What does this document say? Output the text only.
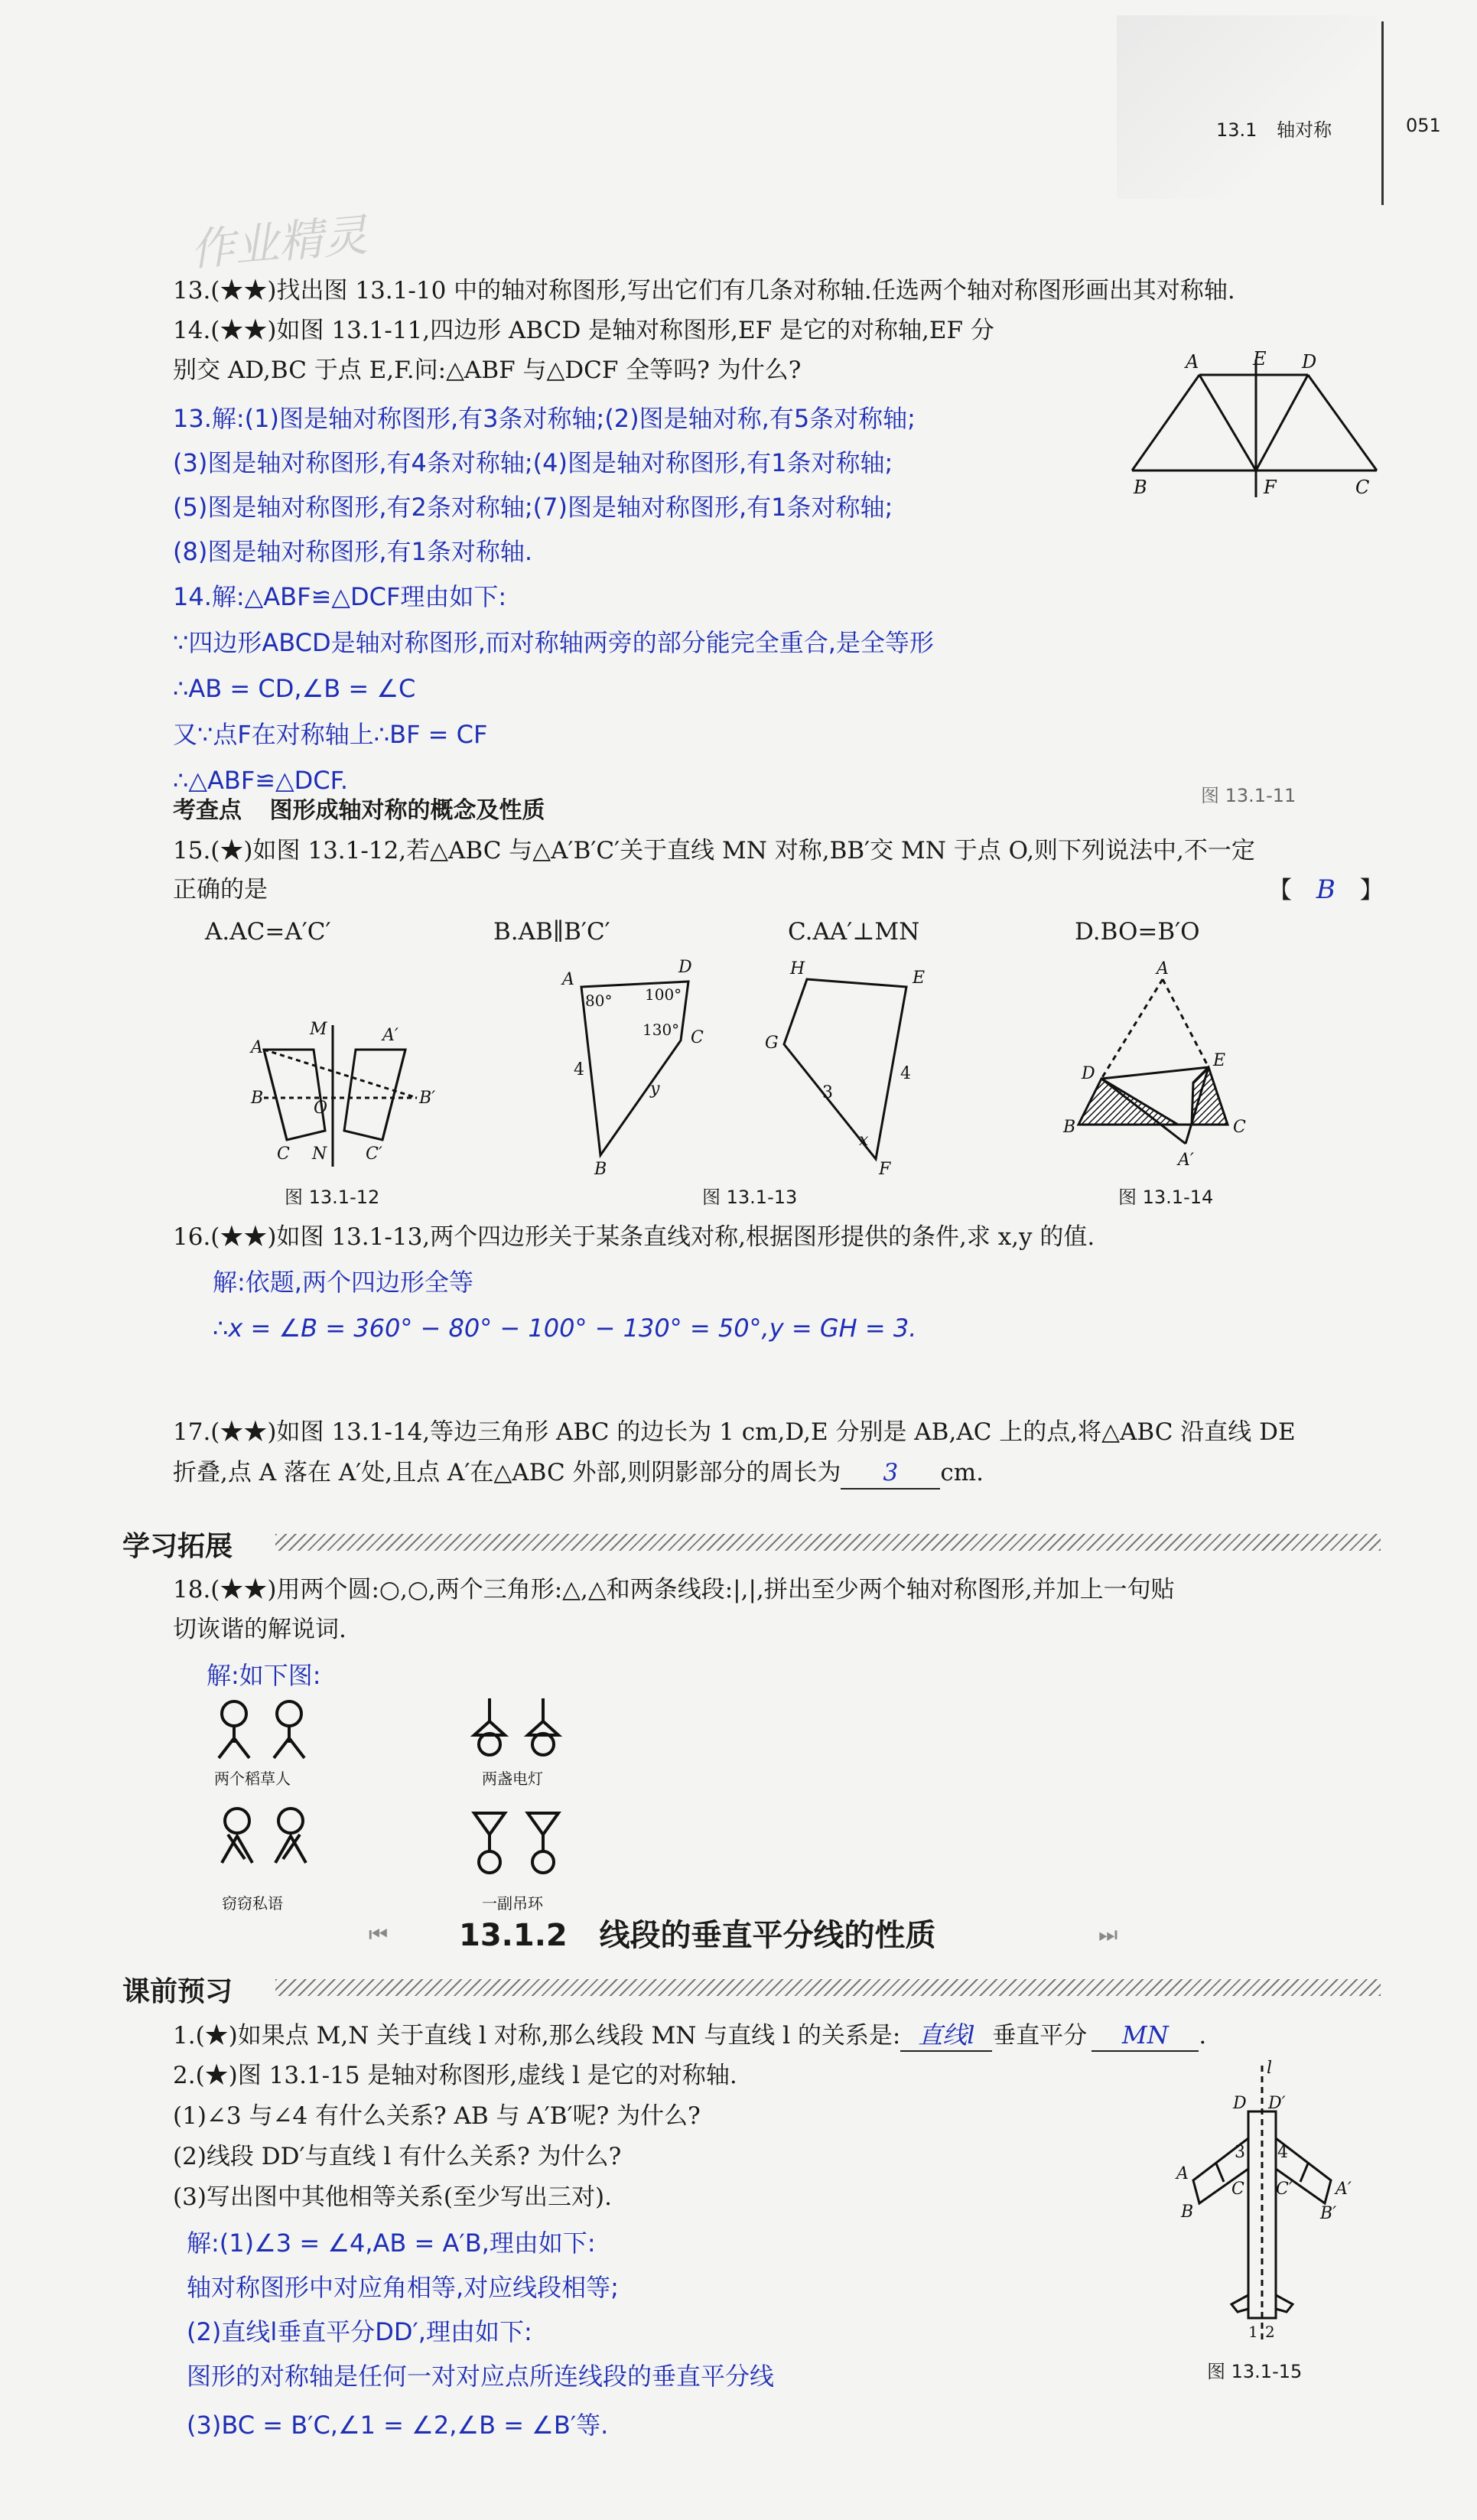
13.1 轴对称	051
作业精灵
13.(★★)找出图 13.1-10 中的轴对称图形,写出它们有几条对称轴.任选两个轴对称图形画出其对称轴.
14.(★★)如图 13.1-11,四边形 ABCD 是轴对称图形,EF 是它的对称轴,EF 分
别交 AD,BC 于点 E,F.问:△ABF 与△DCF 全等吗? 为什么?
13.解:(1)图是轴对称图形,有3条对称轴;(2)图是轴对称,有5条对称轴;
(3)图是轴对称图形,有4条对称轴;(4)图是轴对称图形,有1条对称轴;
(5)图是轴对称图形,有2条对称轴;(7)图是轴对称图形,有1条对称轴;
(8)图是轴对称图形,有1条对称轴.
14.解:△ABF≌△DCF理由如下:
∵四边形ABCD是轴对称图形,而对称轴两旁的部分能完全重合,是全等形
∴AB = CD,∠B = ∠C
又∵点F在对称轴上∴BF = CF
∴△ABF≌△DCF.
A	E D
B	F	C
图 13.1-11
考查点 图形成轴对称的概念及性质
15.(★)如图 13.1-12,若△ABC 与△A′B′C′关于直线 MN 对称,BB′交 MN 于点 O,则下列说法中,不一定
正确的是	【 B 】
A.AC=A′C′	B.AB∥B′C′	C.AA′⊥MN	D.BO=B′O
A
M	A′
B
O
B′
C N C′
图 13.1-12
A
D
80° 100°
130° C
4
y
B
H	E
G
3
4
x
F
图 13.1-13
A
D
E
B	C
A′
图 13.1-14
16.(★★)如图 13.1-13,两个四边形关于某条直线对称,根据图形提供的条件,求 x,y 的值.
解:依题,两个四边形全等
∴x = ∠B = 360° − 80° − 100° − 130° = 50°,y = GH = 3.
17.(★★)如图 13.1-14,等边三角形 ABC 的边长为 1 cm,D,E 分别是 AB,AC 上的点,将△ABC 沿直线 DE
折叠,点 A 落在 A′处,且点 A′在△ABC 外部,则阴影部分的周长为 3 cm.
学习拓展
18.(★★)用两个圆:○,○,两个三角形:△,△和两条线段:|,|,拼出至少两个轴对称图形,并加上一句贴
切诙谐的解说词.
解:如下图:
两个稻草人	两盏电灯
窃窃私语	一副吊环
⏮ 13.1.2   线段的垂直平分线的性质	⏭
课前预习
1.(★)如果点 M,N 关于直线 l 对称,那么线段 MN 与直线 l 的关系是: 直线l 垂直平分 MN .
2.(★)图 13.1-15 是轴对称图形,虚线 l 是它的对称轴.
(1)∠3 与∠4 有什么关系? AB 与 A′B′呢? 为什么?
(2)线段 DD′与直线 l 有什么关系? 为什么?
(3)写出图中其他相等关系(至少写出三对).
解:(1)∠3 = ∠4,AB = A′B,理由如下:
轴对称图形中对应角相等,对应线段相等;
(2)直线l垂直平分DD′,理由如下:
图形的对称轴是任何一对对应点所连线段的垂直平分线
(3)BC = B′C,∠1 = ∠2,∠B = ∠B′等.
l
D D′
3 4
A
A′
B	B′
C C′
1 2
图 13.1-15
